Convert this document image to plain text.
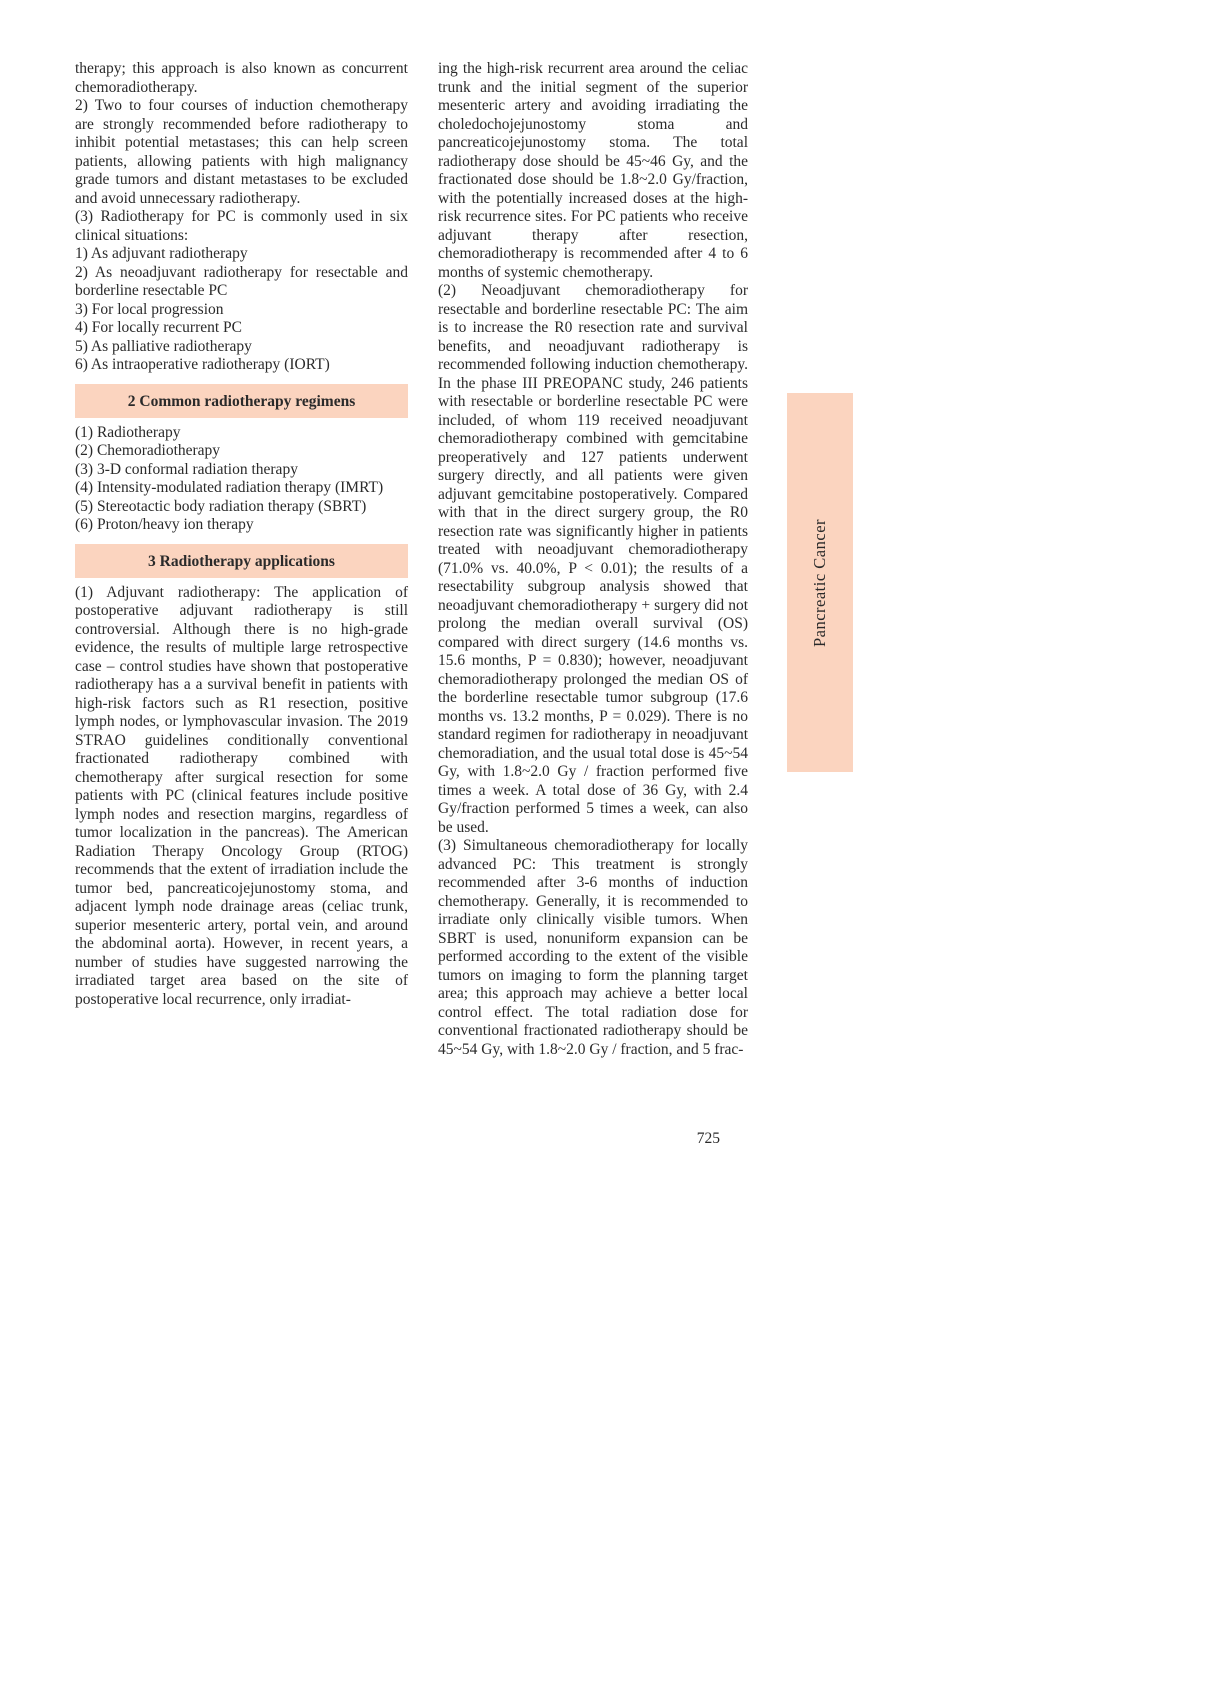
therapy; this approach is also known as concurrent chemoradiotherapy.

2) Two to four courses of induction chemotherapy are strongly recommended before radiotherapy to inhibit potential metastases; this can help screen patients, allowing patients with high malignancy grade tumors and distant metastases to be excluded and avoid unnecessary radiotherapy.

(3) Radiotherapy for PC is commonly used in six clinical situations:

1) As adjuvant radiotherapy

2) As neoadjuvant radiotherapy for resectable and borderline resectable PC

3) For local progression

4) For locally recurrent PC

5) As palliative radiotherapy

6) As intraoperative radiotherapy (IORT)

2 Common radiotherapy regimens

(1) Radiotherapy

(2) Chemoradiotherapy

(3) 3-D conformal radiation therapy

(4) Intensity-modulated radiation therapy (IMRT)

(5) Stereotactic body radiation therapy (SBRT)

(6) Proton/heavy ion therapy

3 Radiotherapy applications

(1) Adjuvant radiotherapy: The application of postoperative adjuvant radiotherapy is still controversial. Although there is no high-grade evidence, the results of multiple large retrospective case – control studies have shown that postoperative radiotherapy has a a survival benefit in patients with high-risk factors such as R1 resection, positive lymph nodes, or lymphovascular invasion. The 2019 STRAO guidelines conditionally conventional fractionated radiotherapy combined with chemotherapy after surgical resection for some patients with PC (clinical features include positive lymph nodes and resection margins, regardless of tumor localization in the pancreas). The American Radiation Therapy Oncology Group (RTOG) recommends that the extent of irradiation include the tumor bed, pancreaticojejunostomy stoma, and adjacent lymph node drainage areas (celiac trunk, superior mesenteric artery, portal vein, and around the abdominal aorta). However, in recent years, a number of studies have suggested narrowing the irradiated target area based on the site of postoperative local recurrence, only irradiat-

ing the high-risk recurrent area around the celiac trunk and the initial segment of the superior mesenteric artery and avoiding irradiating the choledochojejunostomy stoma and pancreaticojejunostomy stoma. The total radiotherapy dose should be 45~46 Gy, and the fractionated dose should be 1.8~2.0 Gy/fraction, with the potentially increased doses at the high-risk recurrence sites. For PC patients who receive adjuvant therapy after resection, chemoradiotherapy is recommended after 4 to 6 months of systemic chemotherapy.

(2) Neoadjuvant chemoradiotherapy for resectable and borderline resectable PC: The aim is to increase the R0 resection rate and survival benefits, and neoadjuvant radiotherapy is recommended following induction chemotherapy. In the phase III PREOPANC study, 246 patients with resectable or borderline resectable PC were included, of whom 119 received neoadjuvant chemoradiotherapy combined with gemcitabine preoperatively and 127 patients underwent surgery directly, and all patients were given adjuvant gemcitabine postoperatively. Compared with that in the direct surgery group, the R0 resection rate was significantly higher in patients treated with neoadjuvant chemoradiotherapy (71.0% vs. 40.0%, P < 0.01); the results of a resectability subgroup analysis showed that neoadjuvant chemoradiotherapy + surgery did not prolong the median overall survival (OS) compared with direct surgery (14.6 months vs. 15.6 months, P = 0.830); however, neoadjuvant chemoradiotherapy prolonged the median OS of the borderline resectable tumor subgroup (17.6 months vs. 13.2 months, P = 0.029). There is no standard regimen for radiotherapy in neoadjuvant chemoradiation, and the usual total dose is 45~54 Gy, with 1.8~2.0 Gy / fraction performed five times a week. A total dose of 36 Gy, with 2.4 Gy/fraction performed 5 times a week, can also be used.

(3) Simultaneous chemoradiotherapy for locally advanced PC: This treatment is strongly recommended after 3-6 months of induction chemotherapy. Generally, it is recommended to irradiate only clinically visible tumors. When SBRT is used, nonuniform expansion can be performed according to the extent of the visible tumors on imaging to form the planning target area; this approach may achieve a better local control effect. The total radiation dose for conventional fractionated radiotherapy should be 45~54 Gy, with 1.8~2.0 Gy / fraction, and 5 frac-

Pancreatic Cancer
725
